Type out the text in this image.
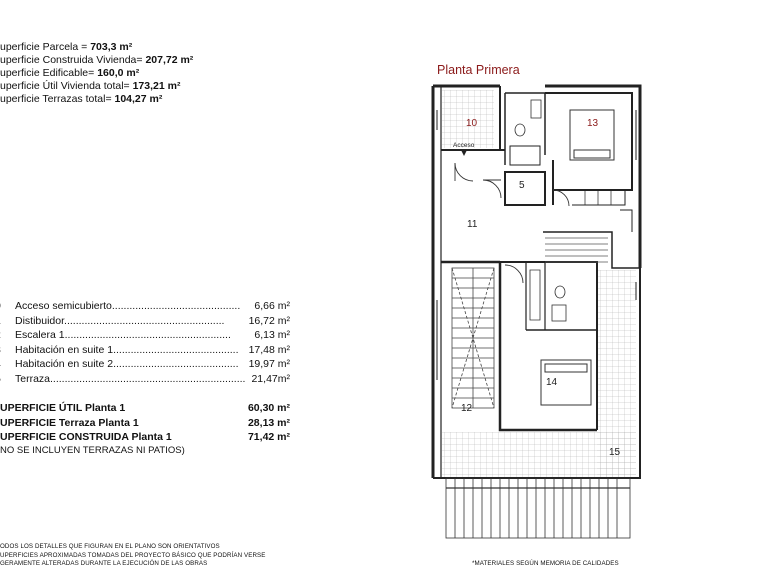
uperficie Parcela = 703,3 m²
uperficie Construida Vivienda= 207,72 m²
uperficie Edificable= 160,0 m²
uperficie Útil Vivienda total= 173,21 m²
uperficie Terrazas total= 104,27 m²
Acceso semicubierto............................................ 6,66 m²
Distibuidor.......................................................	16,72 m²
Escalera 1.........................................................	6,13 m²
Habitación en suite 1........................................... 17,48 m²
Habitación en suite 2........................................... 19,97 m²
Terraza................................................................... 21,47m²
UPERFICIE ÚTIL Planta 1	60,30 m²
UPERFICIE Terraza Planta 1	28,13 m²
UPERFICIE CONSTRUIDA Planta 1	71,42 m²
NO SE INCLUYEN TERRAZAS NI PATIOS)
ODOS LOS DETALLES QUE FIGURAN EN EL PLANO SON ORIENTATIVOS
UPERFICIES APROXIMADAS TOMADAS DEL PROYECTO BÁSICO QUE PODRÍAN VERSE
GERAMENTE ALTERADAS DURANTE LA EJECUCIÓN DE LAS OBRAS	*MATERIALES SEGÚN MEMORIA DE CALIDADES
Planta Primera
10	13
5
11
14
12
15
Acceso
